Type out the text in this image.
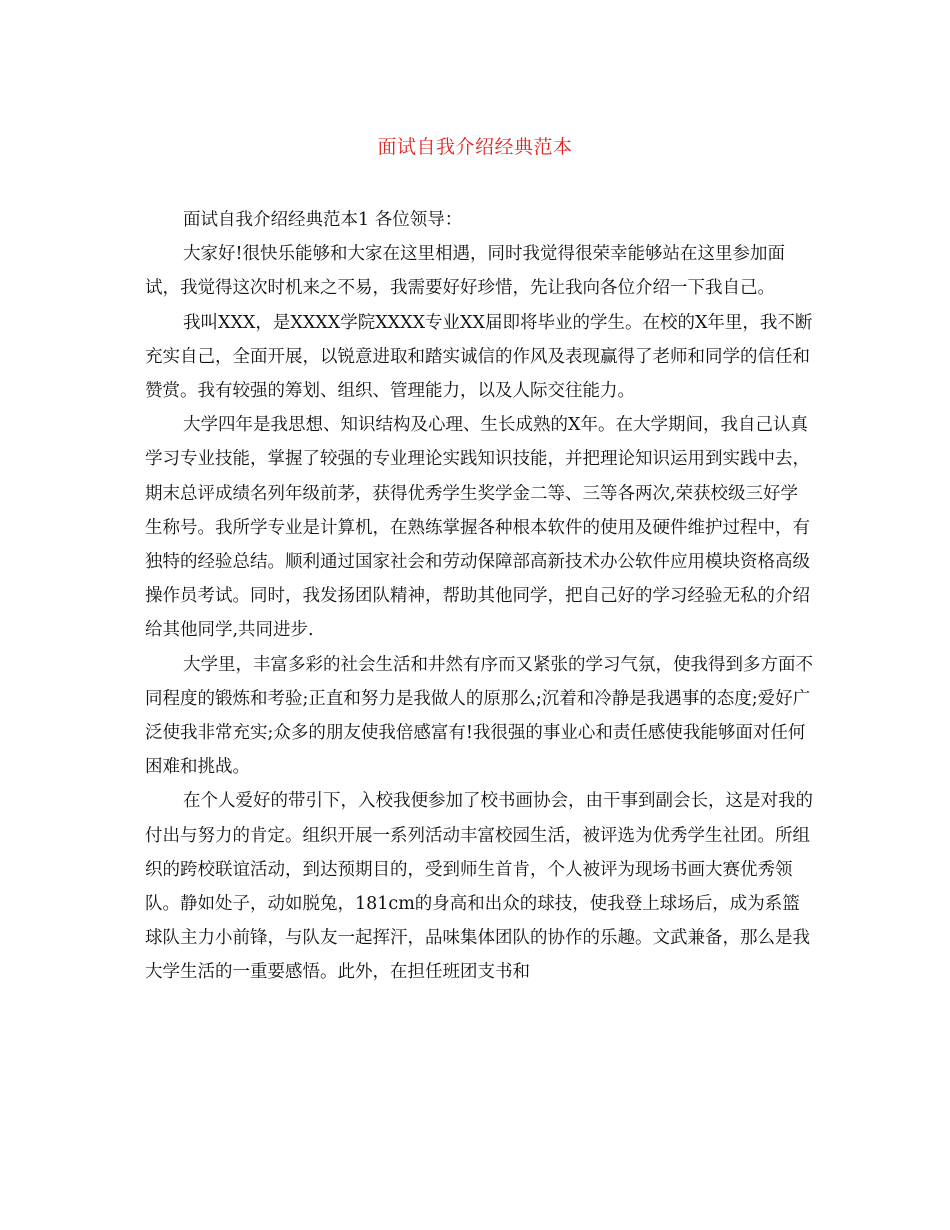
面试自我介绍经典范本

面试自我介绍经典范本1 各位领导：

大家好!很快乐能够和大家在这里相遇，同时我觉得很荣幸能够站在这里参加面试，我觉得这次时机来之不易，我需要好好珍惜，先让我向各位介绍一下我自己。

我叫XXX，是XXXX学院XXXX专业XX届即将毕业的学生。在校的X年里，我不断充实自己，全面开展，以锐意进取和踏实诚信的作风及表现赢得了老师和同学的信任和赞赏。我有较强的筹划、组织、管理能力，以及人际交往能力。

大学四年是我思想、知识结构及心理、生长成熟的X年。在大学期间，我自己认真学习专业技能，掌握了较强的专业理论实践知识技能，并把理论知识运用到实践中去，期末总评成绩名列年级前茅，获得优秀学生奖学金二等、三等各两次,荣获校级三好学生称号。我所学专业是计算机，在熟练掌握各种根本软件的使用及硬件维护过程中，有独特的经验总结。顺利通过国家社会和劳动保障部高新技术办公软件应用模块资格高级操作员考试。同时，我发扬团队精神，帮助其他同学，把自己好的学习经验无私的介绍给其他同学,共同进步.

大学里，丰富多彩的社会生活和井然有序而又紧张的学习气氛，使我得到多方面不同程度的锻炼和考验;正直和努力是我做人的原那么;沉着和冷静是我遇事的态度;爱好广泛使我非常充实;众多的朋友使我倍感富有!我很强的事业心和责任感使我能够面对任何困难和挑战。

在个人爱好的带引下，入校我便参加了校书画协会，由干事到副会长，这是对我的付出与努力的肯定。组织开展一系列活动丰富校园生活，被评选为优秀学生社团。所组织的跨校联谊活动，到达预期目的，受到师生首肯，个人被评为现场书画大赛优秀领队。静如处子，动如脱兔，181cm的身高和出众的球技，使我登上球场后，成为系篮球队主力小前锋，与队友一起挥汗，品味集体团队的协作的乐趣。文武兼备，那么是我大学生活的一重要感悟。此外，在担任班团支书和
